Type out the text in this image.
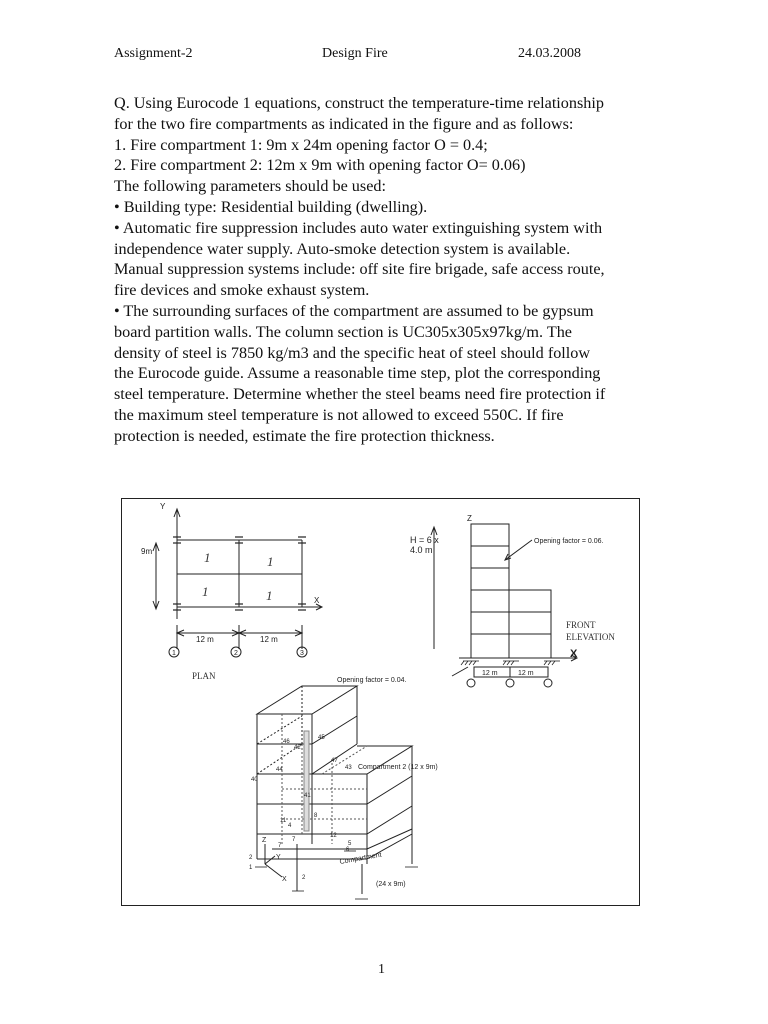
Assignment-2	Design Fire	24.03.2008
Q. Using Eurocode 1 equations, construct the temperature-time relationship
for the two fire compartments as indicated in the figure and as follows:
1. Fire compartment 1: 9m x 24m opening factor O = 0.4;
2. Fire compartment 2: 12m x 9m with opening factor O= 0.06)
The following parameters should be used:
• Building type: Residential building (dwelling).
• Automatic fire suppression includes auto water extinguishing system with
independence water supply. Auto-smoke detection system is available.
Manual suppression systems include: off site fire brigade, safe access route,
fire devices and smoke exhaust system.
• The surrounding surfaces of the compartment are assumed to be gypsum
board partition walls. The column section is UC305x305x97kg/m. The
density of steel is 7850 kg/m3 and the specific heat of steel should follow
the Eurocode guide. Assume a reasonable time step, plot the corresponding
steel temperature. Determine whether the steel beams need fire protection if
the maximum steel temperature is not allowed to exceed 550C. If fire
protection is needed, estimate the fire protection thickness.
Y
X
9m
12 m	12 m
1	2	3
Z
H = 6 x
4.0 m
Opening factor = 0.06.
X
Opening factor = 0.04.
12 m	12 m
46
45
42
44
47
43
40
41
11
4
7
12
5
7
8
2
1
2
6
Compartment 2 (12 x 9m)
Compartment
(24 x 9m)
Z
Y
X
1	1
1	1
PLAN
FRONT
ELEVATION
1
